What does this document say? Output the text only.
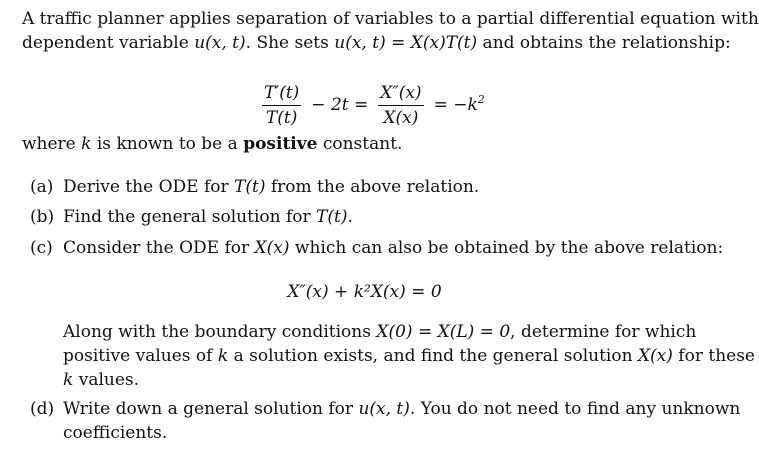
A traffic planner applies separation of variables to a partial differential equation with
dependent variable u(x, t). She sets u(x, t) = X(x)T(t) and obtains the relationship:
$\frac{T'(t)}{T(t)} - 2t = \frac{X''(x)}{X(x)} = -k^2$
where k is known to be a positive constant.
(a) Derive the ODE for T(t) from the above relation.
(b) Find the general solution for T(t).
(c) Consider the ODE for X(x) which can also be obtained by the above relation:
X″(x) + k²X(x) = 0
Along with the boundary conditions X(0) = X(L) = 0, determine for which
positive values of k a solution exists, and find the general solution X(x) for these
k values.
(d) Write down a general solution for u(x, t). You do not need to find any unknown
coefficients.
